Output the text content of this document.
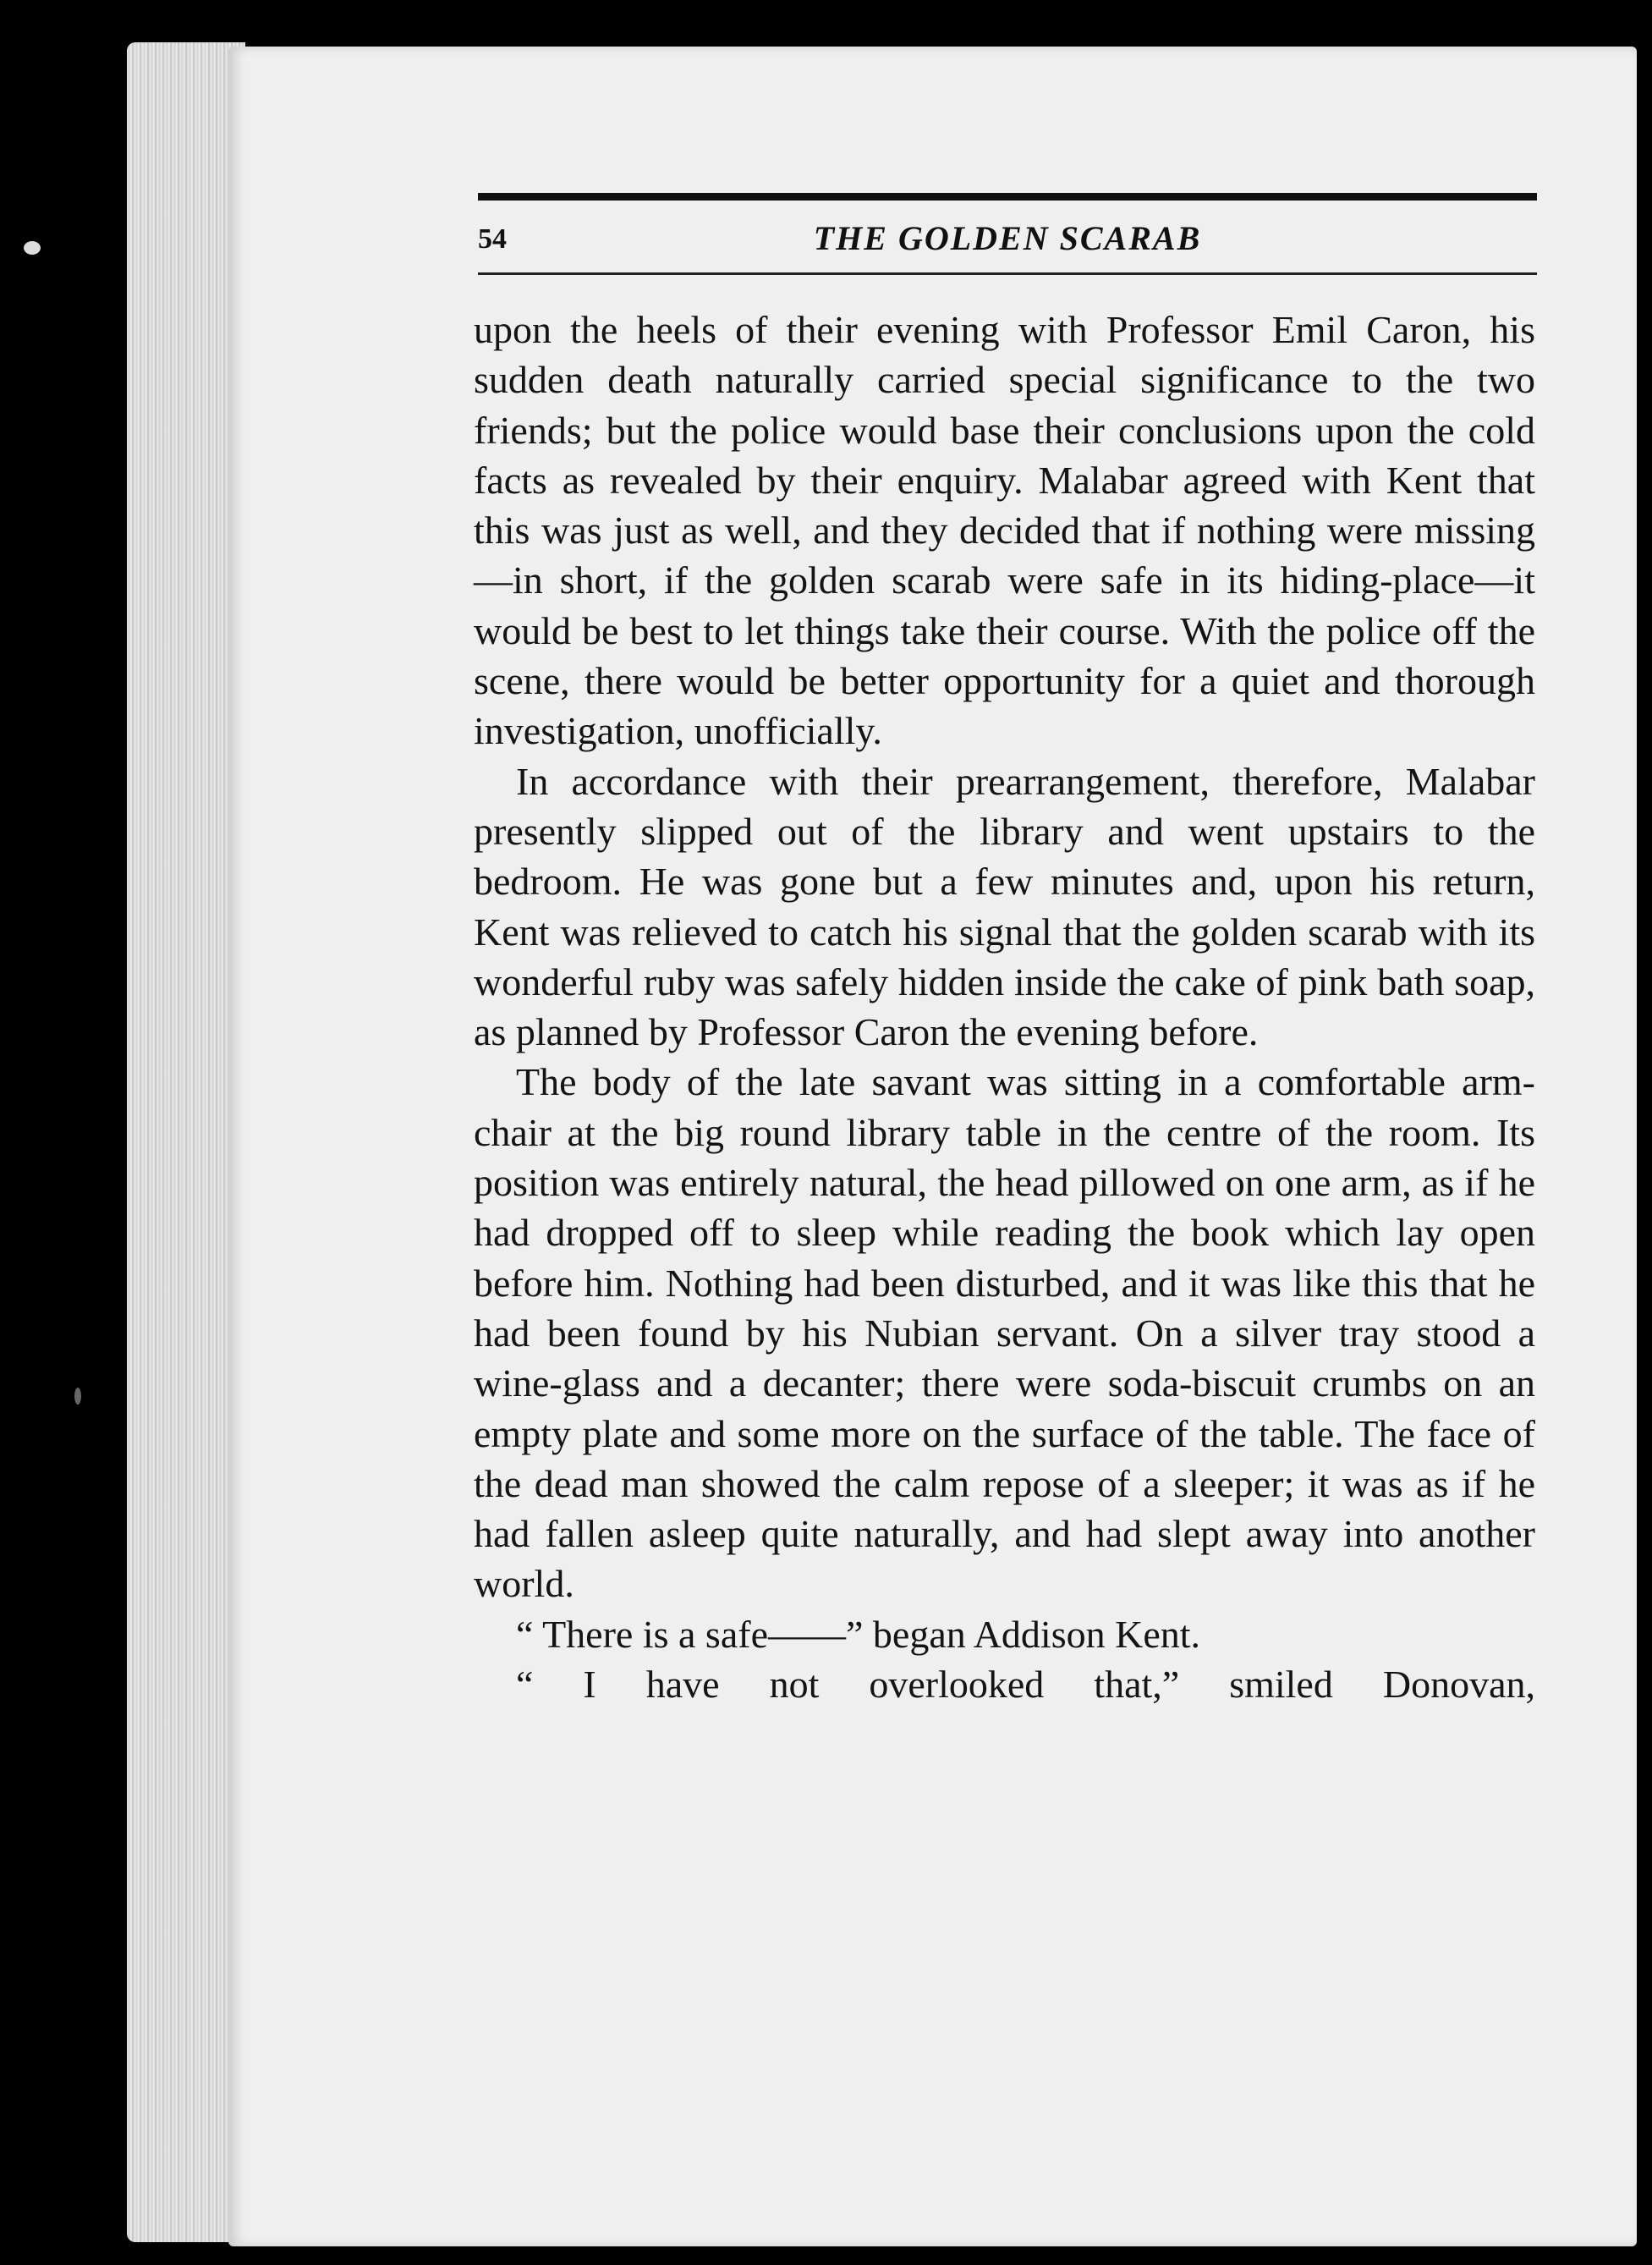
54	THE GOLDEN SCARAB

upon the heels of their evening with Professor Emil Caron, his sudden death naturally carried special significance to the two friends; but the police would base their conclusions upon the cold facts as revealed by their enquiry. Malabar agreed with Kent that this was just as well, and they decided that if nothing were missing—in short, if the golden scarab were safe in its hiding-place—it would be best to let things take their course. With the police off the scene, there would be better opportunity for a quiet and thorough investigation, unofficially.

In accordance with their prearrangement, therefore, Malabar presently slipped out of the library and went upstairs to the bedroom. He was gone but a few minutes and, upon his return, Kent was relieved to catch his signal that the golden scarab with its wonderful ruby was safely hidden inside the cake of pink bath soap, as planned by Professor Caron the evening before.

The body of the late savant was sitting in a comfortable arm-chair at the big round library table in the centre of the room. Its position was entirely natural, the head pillowed on one arm, as if he had dropped off to sleep while reading the book which lay open before him. Nothing had been disturbed, and it was like this that he had been found by his Nubian servant. On a silver tray stood a wine-glass and a decanter; there were soda-biscuit crumbs on an empty plate and some more on the surface of the table. The face of the dead man showed the calm repose of a sleeper; it was as if he had fallen asleep quite naturally, and had slept away into another world.

“ There is a safe——” began Addison Kent.

“ I have not overlooked that,” smiled Donovan,
